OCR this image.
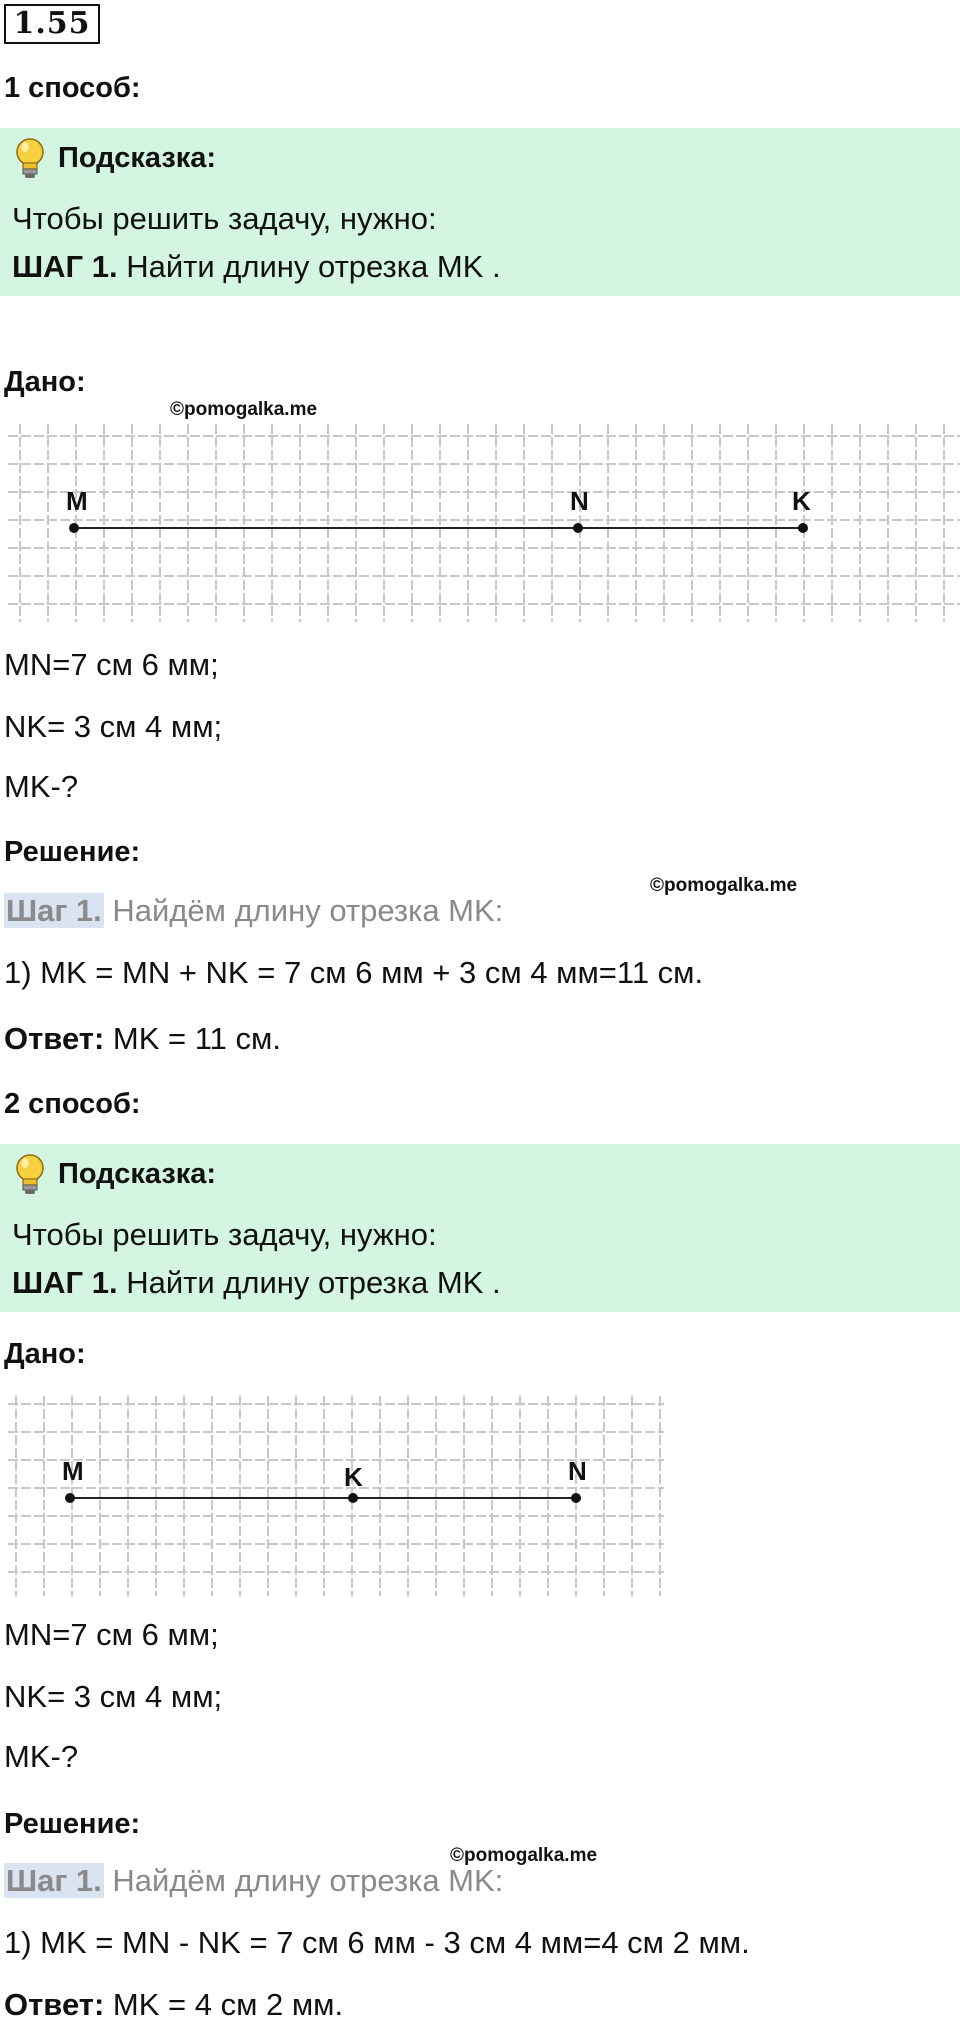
1.55
1 способ:
Подсказка:
Чтобы решить задачу, нужно:
ШАГ 1. Найти длину отрезка MK .
Дано:
©pomogalka.me
M	N	K
MN=7 см 6 мм;
NK= 3 см 4 мм;
MK-?
Решение:
©pomogalka.me
Шаг 1. Найдём длину отрезка MK:
1) MK = MN + NK = 7 см 6 мм + 3 см 4 мм=11 см.
Ответ: MK = 11 см.
2 способ:
Подсказка:
Чтобы решить задачу, нужно:
ШАГ 1. Найти длину отрезка MK .
Дано:
M	K	N
MN=7 см 6 мм;
NK= 3 см 4 мм;
MK-?
Решение:
©pomogalka.me
Шаг 1. Найдём длину отрезка MK:
1) MK = MN - NK = 7 см 6 мм - 3 см 4 мм=4 см 2 мм.
Ответ: MK = 4 см 2 мм.
